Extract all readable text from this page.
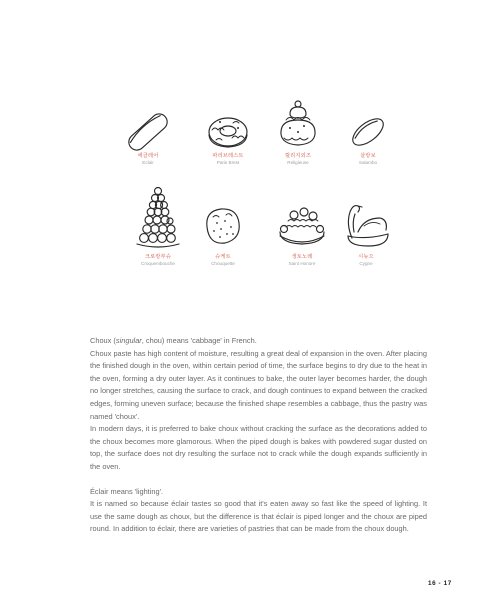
에클레어
Eclair
파리브레스트
Paris Brest
릴리지외즈
Religieuse
살랑보
Salambo
크로캉부슈
Croquembouche
슈케트
Chouquette
생토노레
Saint Honore
시뉴으
Cygne

Choux (singular, chou) means 'cabbage' in French.

Choux paste has high content of moisture, resulting a great deal of expansion in the oven. After placing the finished dough in the oven, within certain period of time, the surface begins to dry due to the heat in the oven, forming a dry outer layer. As it continues to bake, the outer layer becomes harder, the dough no longer stretches, causing the surface to crack, and dough continues to expand between the cracked edges, forming uneven surface; because the finished shape resembles a cabbage, thus the pastry was named 'choux'.

In modern days, it is preferred to bake choux without cracking the surface as the decorations added to the choux becomes more glamorous. When the piped dough is bakes with powdered sugar dusted on top, the surface does not dry resulting the surface not to crack while the dough expands sufficiently in the oven.

Éclair means 'lighting'.

It is named so because éclair tastes so good that it's eaten away so fast like the speed of lighting. It use the same dough as choux, but the difference is that éclair is piped longer and the choux are piped round. In addition to éclair, there are varieties of pastries that can be made from the choux dough.

16 - 17
